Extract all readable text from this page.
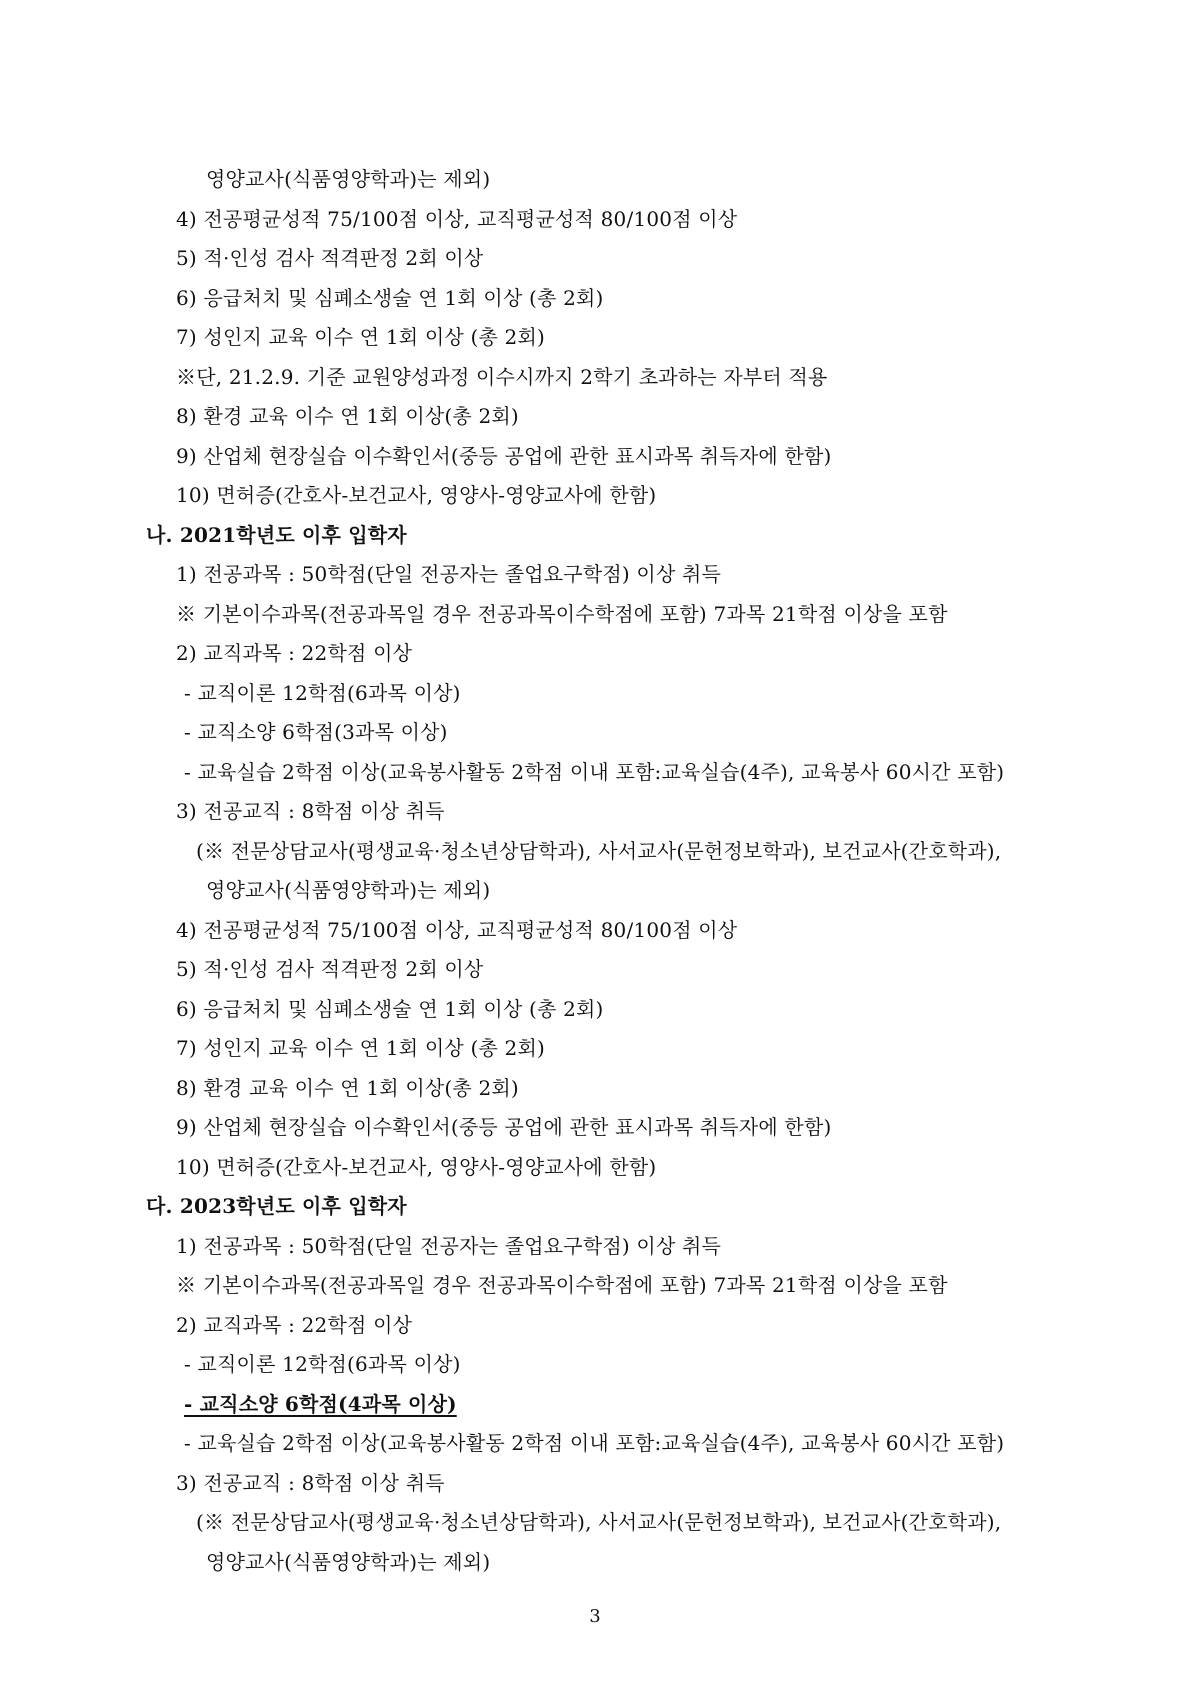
영양교사(식품영양학과)는 제외)
4) 전공평균성적 75/100점 이상, 교직평균성적 80/100점 이상
5) 적·인성 검사 적격판정 2회 이상
6) 응급처치 및 심폐소생술 연 1회 이상 (총 2회)
7) 성인지 교육 이수 연 1회 이상 (총 2회)
※단, 21.2.9. 기준 교원양성과정 이수시까지 2학기 초과하는 자부터 적용
8) 환경 교육 이수 연 1회 이상(총 2회)
9) 산업체 현장실습 이수확인서(중등 공업에 관한 표시과목 취득자에 한함)
10) 면허증(간호사-보건교사, 영양사-영양교사에 한함)
나. 2021학년도 이후 입학자
1) 전공과목 : 50학점(단일 전공자는 졸업요구학점) 이상 취득
※ 기본이수과목(전공과목일 경우 전공과목이수학점에 포함) 7과목 21학점 이상을 포함
2) 교직과목 : 22학점 이상
- 교직이론 12학점(6과목 이상)
- 교직소양 6학점(3과목 이상)
- 교육실습 2학점 이상(교육봉사활동 2학점 이내 포함:교육실습(4주), 교육봉사 60시간 포함)
3) 전공교직 : 8학점 이상 취득
(※ 전문상담교사(평생교육·청소년상담학과), 사서교사(문헌정보학과), 보건교사(간호학과),
영양교사(식품영양학과)는 제외)
4) 전공평균성적 75/100점 이상, 교직평균성적 80/100점 이상
5) 적·인성 검사 적격판정 2회 이상
6) 응급처치 및 심폐소생술 연 1회 이상 (총 2회)
7) 성인지 교육 이수 연 1회 이상 (총 2회)
8) 환경 교육 이수 연 1회 이상(총 2회)
9) 산업체 현장실습 이수확인서(중등 공업에 관한 표시과목 취득자에 한함)
10) 면허증(간호사-보건교사, 영양사-영양교사에 한함)
다. 2023학년도 이후 입학자
1) 전공과목 : 50학점(단일 전공자는 졸업요구학점) 이상 취득
※ 기본이수과목(전공과목일 경우 전공과목이수학점에 포함) 7과목 21학점 이상을 포함
2) 교직과목 : 22학점 이상
- 교직이론 12학점(6과목 이상)
- 교직소양 6학점(4과목 이상)
- 교육실습 2학점 이상(교육봉사활동 2학점 이내 포함:교육실습(4주), 교육봉사 60시간 포함)
3) 전공교직 : 8학점 이상 취득
(※ 전문상담교사(평생교육·청소년상담학과), 사서교사(문헌정보학과), 보건교사(간호학과),
영양교사(식품영양학과)는 제외)
3
